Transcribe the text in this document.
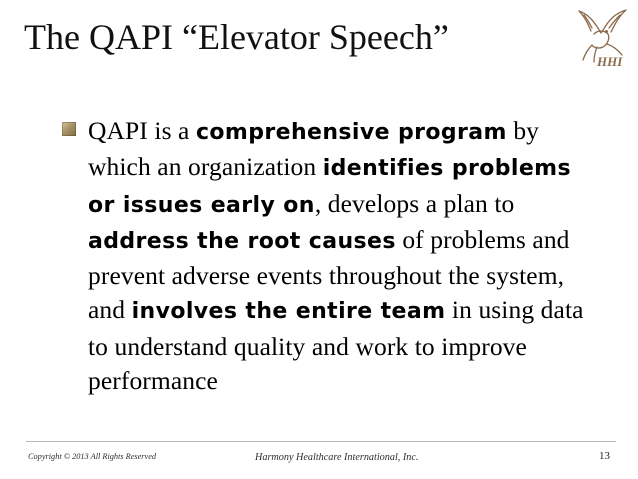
The QAPI “Elevator Speech”
HHI
QAPI is a comprehensive program by which an organization identifies problems or issues early on, develops a plan to address the root causes of problems and prevent adverse events throughout the system, and involves the entire team in using data to understand quality and work to improve performance
Copyright © 2013 All Rights Reserved	Harmony Healthcare International, Inc.	13
